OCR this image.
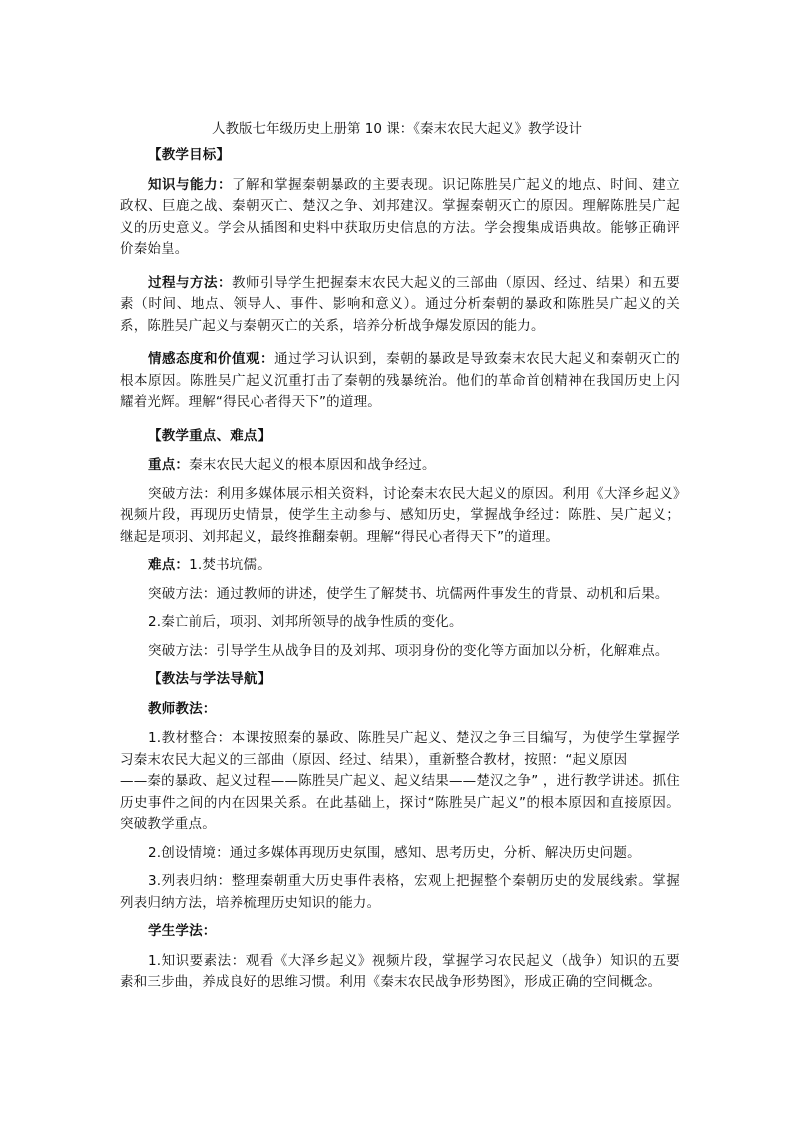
人教版七年级历史上册第 10 课：《秦末农民大起义》教学设计
【教学目标】

知识与能力：了解和掌握秦朝暴政的主要表现。识记陈胜吴广起义的地点、时间、建立政权、巨鹿之战、秦朝灭亡、楚汉之争、刘邦建汉。掌握秦朝灭亡的原因。理解陈胜吴广起义的历史意义。学会从插图和史料中获取历史信息的方法。学会搜集成语典故。能够正确评价秦始皇。

过程与方法：教师引导学生把握秦末农民大起义的三部曲（原因、经过、结果）和五要素（时间、地点、领导人、事件、影响和意义）。通过分析秦朝的暴政和陈胜吴广起义的关系，陈胜吴广起义与秦朝灭亡的关系，培养分析战争爆发原因的能力。

情感态度和价值观：通过学习认识到，秦朝的暴政是导致秦末农民大起义和秦朝灭亡的根本原因。陈胜吴广起义沉重打击了秦朝的残暴统治。他们的革命首创精神在我国历史上闪耀着光辉。理解“得民心者得天下”的道理。

【教学重点、难点】

重点：秦末农民大起义的根本原因和战争经过。

突破方法：利用多媒体展示相关资料，讨论秦末农民大起义的原因。利用《大泽乡起义》视频片段，再现历史情景，使学生主动参与、感知历史，掌握战争经过：陈胜、吴广起义；继起是项羽、刘邦起义，最终推翻秦朝。理解“得民心者得天下”的道理。

难点：1.焚书坑儒。

突破方法：通过教师的讲述，使学生了解焚书、坑儒两件事发生的背景、动机和后果。

2.秦亡前后，项羽、刘邦所领导的战争性质的变化。

突破方法：引导学生从战争目的及刘邦、项羽身份的变化等方面加以分析，化解难点。

【教法与学法导航】
教师教法：

1.教材整合：本课按照秦的暴政、陈胜吴广起义、楚汉之争三目编写，为使学生掌握学习秦末农民大起义的三部曲（原因、经过、结果），重新整合教材，按照：“起义原因
——秦的暴政、起义过程——陈胜吴广起义、起义结果——楚汉之争” ，进行教学讲述。抓住历史事件之间的内在因果关系。在此基础上，探讨“陈胜吴广起义”的根本原因和直接原因。突破教学重点。

2.创设情境：通过多媒体再现历史氛围，感知、思考历史，分析、解决历史问题。

3.列表归纳：整理秦朝重大历史事件表格，宏观上把握整个秦朝历史的发展线索。掌握列表归纳方法，培养梳理历史知识的能力。

学生学法：

1.知识要素法：观看《大泽乡起义》视频片段，掌握学习农民起义（战争）知识的五要素和三步曲，养成良好的思维习惯。利用《秦末农民战争形势图》，形成正确的空间概念。
